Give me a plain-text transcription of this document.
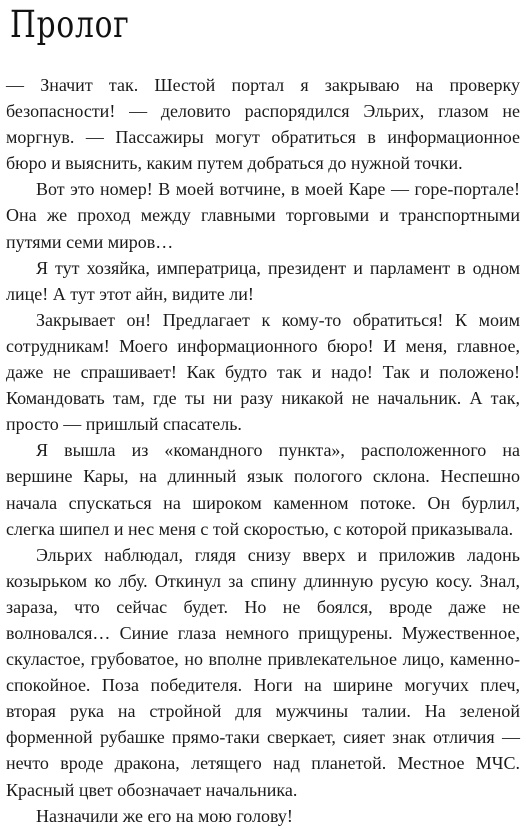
Пролог

— Значит так. Шестой портал я закрываю на проверку безопасности! — деловито распорядился Эльрих, глазом не моргнув. — Пассажиры могут обратиться в информационное бюро и выяснить, каким путем добраться до нужной точки.

Вот это номер! В моей вотчине, в моей Каре — горе-портале! Она же проход между главными торговыми и транспортными путями семи миров…

Я тут хозяйка, императрица, президент и парламент в одном лице! А тут этот айн, видите ли!

Закрывает он! Предлагает к кому-то обратиться! К моим сотрудникам! Моего информационного бюро! И меня, главное, даже не спрашивает! Как будто так и надо! Так и положено! Командовать там, где ты ни разу никакой не начальник. А так, просто — пришлый спасатель.

Я вышла из «командного пункта», расположенного на вершине Кары, на длинный язык пологого склона. Неспешно начала спускаться на широком каменном потоке. Он бурлил, слегка шипел и нес меня с той скоростью, с которой приказывала.

Эльрих наблюдал, глядя снизу вверх и приложив ладонь козырьком ко лбу. Откинул за спину длинную русую косу. Знал, зараза, что сейчас будет. Но не боялся, вроде даже не волновался… Синие глаза немного прищурены. Мужественное, скуластое, грубоватое, но вполне привлекательное лицо, каменно-спокойное. Поза победителя. Ноги на ширине могучих плеч, вторая рука на стройной для мужчины талии. На зеленой форменной рубашке прямо-таки сверкает, сияет знак отличия — нечто вроде дракона, летящего над планетой. Местное МЧС. Красный цвет обозначает начальника.

Назначили же его на мою голову!
